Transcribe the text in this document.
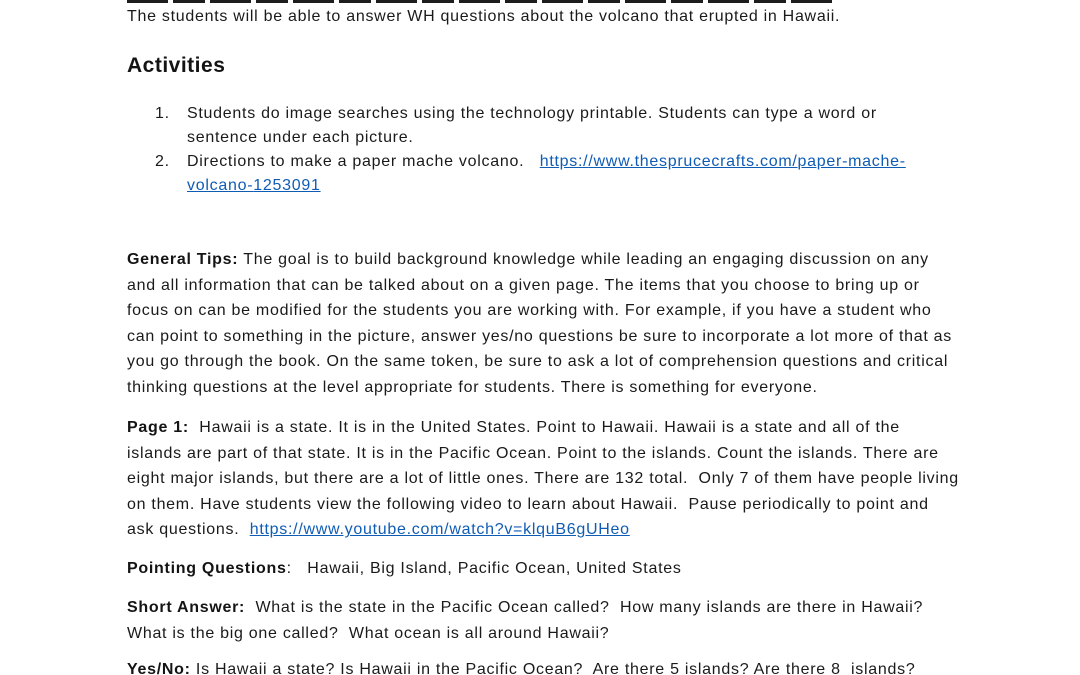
The students will be able to answer WH questions about the volcano that erupted in Hawaii.

Activities
1.	Students do image searches using the technology printable. Students can type a word or sentence under each picture.
2.	Directions to make a paper mache volcano.   https://www.thesprucecrafts.com/paper-mache-volcano-1253091

General Tips: The goal is to build background knowledge while leading an engaging discussion on any and all information that can be talked about on a given page. The items that you choose to bring up or focus on can be modified for the students you are working with. For example, if you have a student who can point to something in the picture, answer yes/no questions be sure to incorporate a lot more of that as you go through the book. On the same token, be sure to ask a lot of comprehension questions and critical thinking questions at the level appropriate for students. There is something for everyone.

Page 1:  Hawaii is a state. It is in the United States. Point to Hawaii. Hawaii is a state and all of the islands are part of that state. It is in the Pacific Ocean. Point to the islands. Count the islands. There are eight major islands, but there are a lot of little ones. There are 132 total.  Only 7 of them have people living on them. Have students view the following video to learn about Hawaii.  Pause periodically to point and ask questions.  https://www.youtube.com/watch?v=klquB6gUHeo

Pointing Questions:   Hawaii, Big Island, Pacific Ocean, United States

Short Answer:  What is the state in the Pacific Ocean called?  How many islands are there in Hawaii? What is the big one called?  What ocean is all around Hawaii?

Yes/No: Is Hawaii a state? Is Hawaii in the Pacific Ocean?  Are there 5 islands? Are there 8  islands?
